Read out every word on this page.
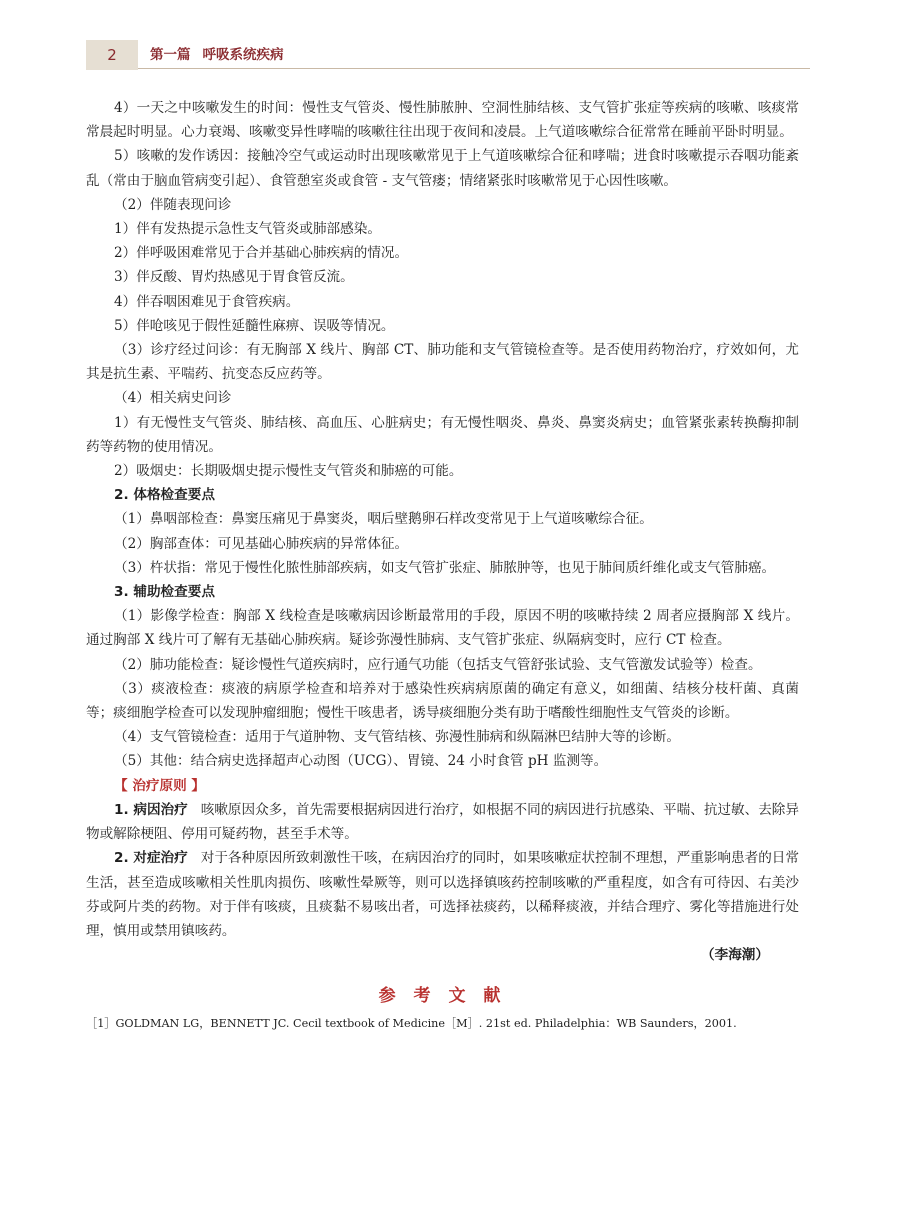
2	第一篇 呼吸系统疾病

4）一天之中咳嗽发生的时间：慢性支气管炎、慢性肺脓肿、空洞性肺结核、支气管扩张症等疾病的咳嗽、咳痰常常晨起时明显。心力衰竭、咳嗽变异性哮喘的咳嗽往往出现于夜间和凌晨。上气道咳嗽综合征常常在睡前平卧时明显。

5）咳嗽的发作诱因：接触冷空气或运动时出现咳嗽常见于上气道咳嗽综合征和哮喘；进食时咳嗽提示吞咽功能紊乱（常由于脑血管病变引起）、食管憩室炎或食管 - 支气管瘘；情绪紧张时咳嗽常见于心因性咳嗽。

（2）伴随表现问诊

1）伴有发热提示急性支气管炎或肺部感染。

2）伴呼吸困难常见于合并基础心肺疾病的情况。

3）伴反酸、胃灼热感见于胃食管反流。

4）伴吞咽困难见于食管疾病。

5）伴呛咳见于假性延髓性麻痹、误吸等情况。

（3）诊疗经过问诊：有无胸部 X 线片、胸部 CT、肺功能和支气管镜检查等。是否使用药物治疗，疗效如何，尤其是抗生素、平喘药、抗变态反应药等。

（4）相关病史问诊

1）有无慢性支气管炎、肺结核、高血压、心脏病史；有无慢性咽炎、鼻炎、鼻窦炎病史；血管紧张素转换酶抑制药等药物的使用情况。

2）吸烟史：长期吸烟史提示慢性支气管炎和肺癌的可能。

2. 体格检查要点

（1）鼻咽部检查：鼻窦压痛见于鼻窦炎，咽后壁鹅卵石样改变常见于上气道咳嗽综合征。

（2）胸部查体：可见基础心肺疾病的异常体征。

（3）杵状指：常见于慢性化脓性肺部疾病，如支气管扩张症、肺脓肿等，也见于肺间质纤维化或支气管肺癌。

3. 辅助检查要点

（1）影像学检查：胸部 X 线检查是咳嗽病因诊断最常用的手段，原因不明的咳嗽持续 2 周者应摄胸部 X 线片。通过胸部 X 线片可了解有无基础心肺疾病。疑诊弥漫性肺病、支气管扩张症、纵隔病变时，应行 CT 检查。

（2）肺功能检查：疑诊慢性气道疾病时，应行通气功能（包括支气管舒张试验、支气管激发试验等）检查。

（3）痰液检查：痰液的病原学检查和培养对于感染性疾病病原菌的确定有意义，如细菌、结核分枝杆菌、真菌等；痰细胞学检查可以发现肿瘤细胞；慢性干咳患者，诱导痰细胞分类有助于嗜酸性细胞性支气管炎的诊断。

（4）支气管镜检查：适用于气道肿物、支气管结核、弥漫性肺病和纵隔淋巴结肿大等的诊断。

（5）其他：结合病史选择超声心动图（UCG）、胃镜、24 小时食管 pH 监测等。

【 治疗原则 】

1. 病因治疗 咳嗽原因众多，首先需要根据病因进行治疗，如根据不同的病因进行抗感染、平喘、抗过敏、去除异物或解除梗阻、停用可疑药物，甚至手术等。

2. 对症治疗 对于各种原因所致刺激性干咳，在病因治疗的同时，如果咳嗽症状控制不理想，严重影响患者的日常生活，甚至造成咳嗽相关性肌肉损伤、咳嗽性晕厥等，则可以选择镇咳药控制咳嗽的严重程度，如含有可待因、右美沙芬或阿片类的药物。对于伴有咳痰，且痰黏不易咳出者，可选择祛痰药，以稀释痰液，并结合理疗、雾化等措施进行处理，慎用或禁用镇咳药。

（李海潮）

参 考 文 献

［1］GOLDMAN LG，BENNETT JC. Cecil textbook of Medicine［M］. 21st ed. Philadelphia：WB Saunders，2001.
